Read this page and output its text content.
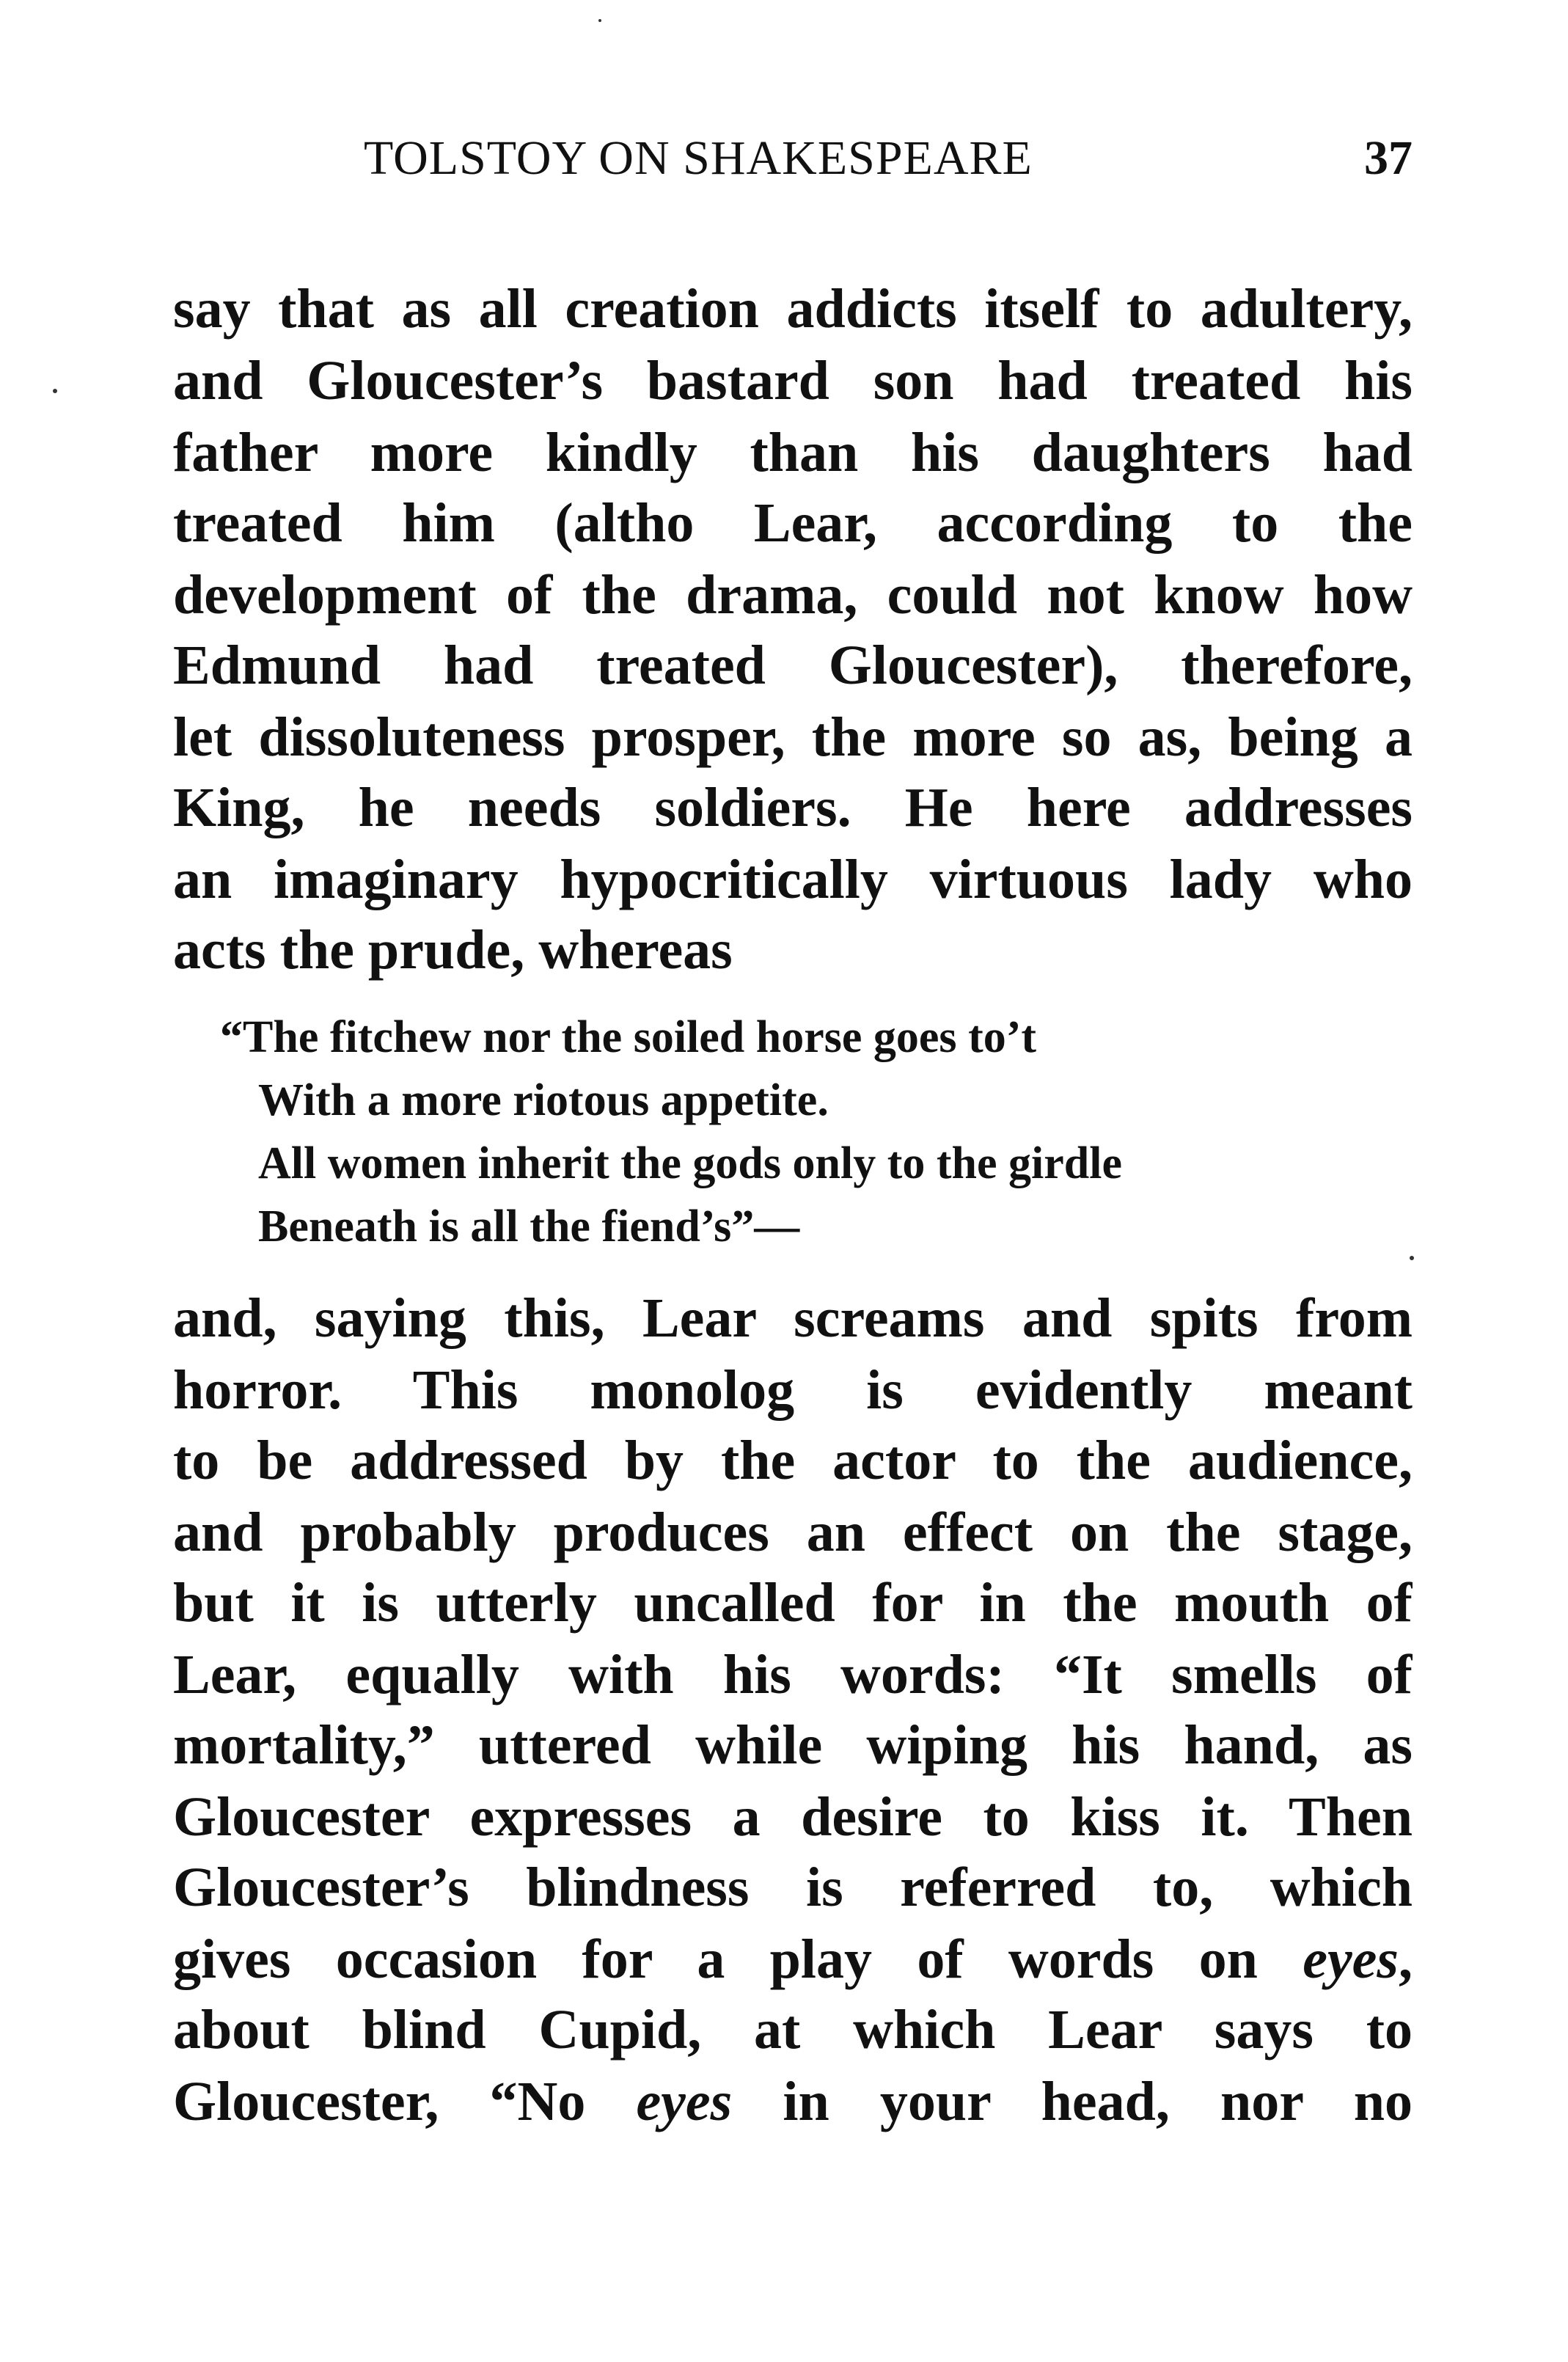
TOLSTOY ON SHAKESPEARE	37
say that as all creation addicts itself to adultery,
and Gloucester’s bastard son had treated his
father more kindly than his daughters had
treated him (altho Lear, according to the
development of the drama, could not know how
Edmund had treated Gloucester), therefore,
let dissoluteness prosper, the more so as, being a
King, he needs soldiers. He here addresses
an imaginary hypocritically virtuous lady who
acts the prude, whereas
“The fitchew nor the soiled horse goes to’t
With a more riotous appetite.
All women inherit the gods only to the girdle
Beneath is all the fiend’s”—
and, saying this, Lear screams and spits from
horror. This monolog is evidently meant
to be addressed by the actor to the audience,
and probably produces an effect on the stage,
but it is utterly uncalled for in the mouth of
Lear, equally with his words: “It smells of
mortality,” uttered while wiping his hand, as
Gloucester expresses a desire to kiss it. Then
Gloucester’s blindness is referred to, which
gives occasion for a play of words on eyes,
about blind Cupid, at which Lear says to
Gloucester, “No eyes in your head, nor no
